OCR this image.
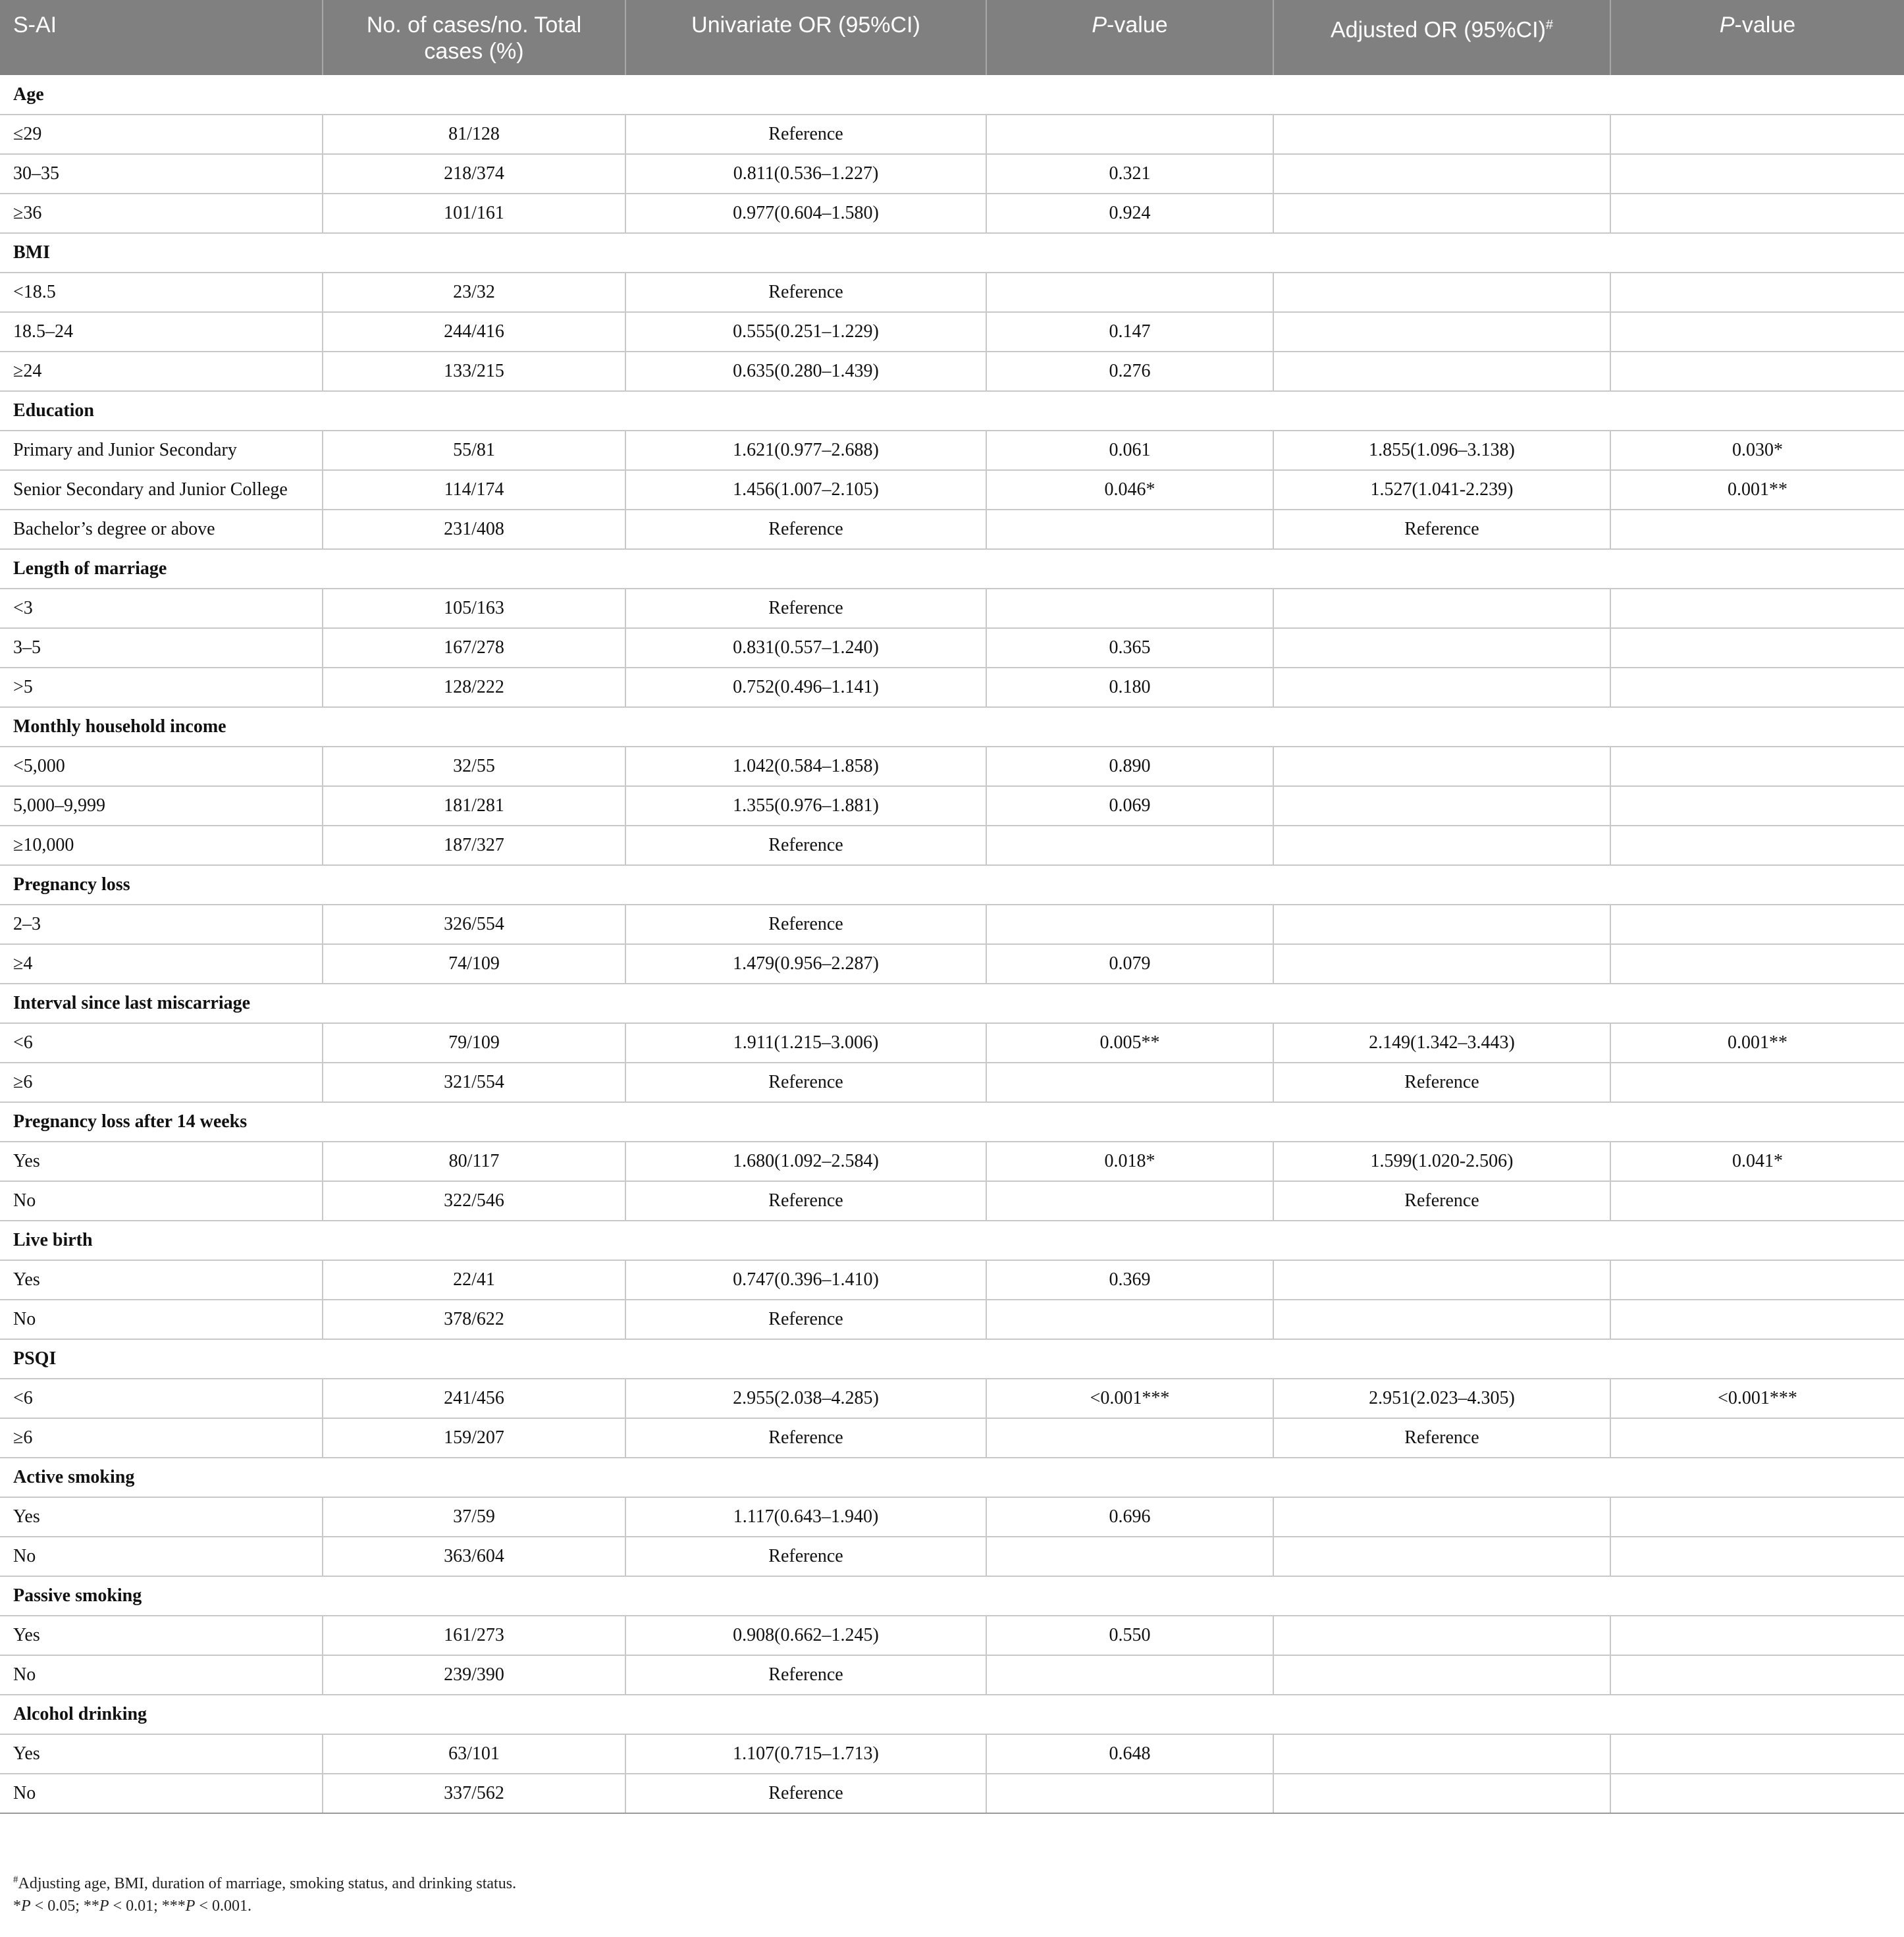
S-AI	No. of cases/no. Total cases (%)	Univariate OR (95%CI)	P-value	Adjusted OR (95%CI)#	P-value
Age					
≤29	81/128	Reference			
30–35	218/374	0.811(0.536–1.227)	0.321		
≥36	101/161	0.977(0.604–1.580)	0.924		
BMI					
<18.5	23/32	Reference			
18.5–24	244/416	0.555(0.251–1.229)	0.147		
≥24	133/215	0.635(0.280–1.439)	0.276		
Education					
Primary and Junior Secondary	55/81	1.621(0.977–2.688)	0.061	1.855(1.096–3.138)	0.030*
Senior Secondary and Junior College	114/174	1.456(1.007–2.105)	0.046*	1.527(1.041-2.239)	0.001**
Bachelor’s degree or above	231/408	Reference		Reference	
Length of marriage					
<3	105/163	Reference			
3–5	167/278	0.831(0.557–1.240)	0.365		
>5	128/222	0.752(0.496–1.141)	0.180		
Monthly household income					
<5,000	32/55	1.042(0.584–1.858)	0.890		
5,000–9,999	181/281	1.355(0.976–1.881)	0.069		
≥10,000	187/327	Reference			
Pregnancy loss					
2–3	326/554	Reference			
≥4	74/109	1.479(0.956–2.287)	0.079		
Interval since last miscarriage					
<6	79/109	1.911(1.215–3.006)	0.005**	2.149(1.342–3.443)	0.001**
≥6	321/554	Reference		Reference	
Pregnancy loss after 14 weeks					
Yes	80/117	1.680(1.092–2.584)	0.018*	1.599(1.020-2.506)	0.041*
No	322/546	Reference		Reference	
Live birth					
Yes	22/41	0.747(0.396–1.410)	0.369		
No	378/622	Reference			
PSQI					
<6	241/456	2.955(2.038–4.285)	<0.001***	2.951(2.023–4.305)	<0.001***
≥6	159/207	Reference		Reference	
Active smoking					
Yes	37/59	1.117(0.643–1.940)	0.696		
No	363/604	Reference			
Passive smoking					
Yes	161/273	0.908(0.662–1.245)	0.550		
No	239/390	Reference			
Alcohol drinking					
Yes	63/101	1.107(0.715–1.713)	0.648		
No	337/562	Reference			
#Adjusting age, BMI, duration of marriage, smoking status, and drinking status.
*P < 0.05; **P < 0.01; ***P < 0.001.
